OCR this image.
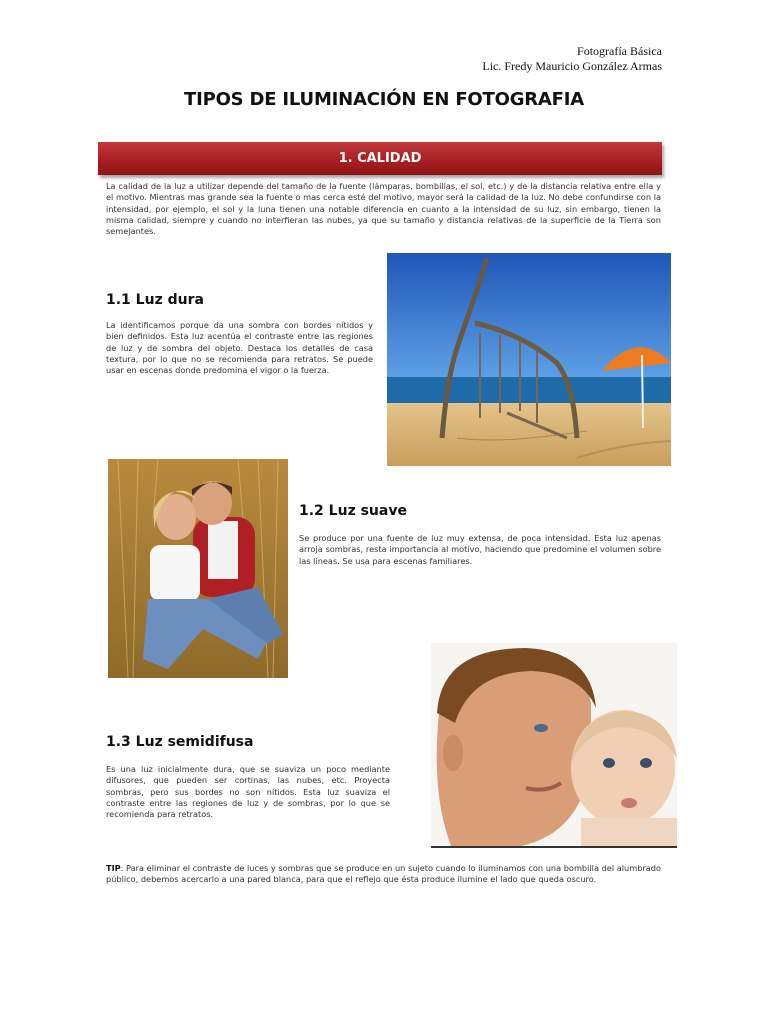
Fotografía Básica
Lic. Fredy Mauricio González Armas
TIPOS DE ILUMINACIÓN EN FOTOGRAFIA
1. CALIDAD
La calidad de la luz a utilizar depende del tamaño de la fuente (lámparas, bombillas, el sol, etc.) y de la distancia relativa entre ella y el motivo. Mientras mas grande sea la fuente o mas cerca esté del motivo, mayor será la calidad de la luz. No debe confundirse con la intensidad, por ejemplo, el sol y la luna tienen una notable diferencia en cuanto a la intensidad de su luz, sin embargo, tienen la misma calidad, siempre y cuando no interfieran las nubes, ya que su tamaño y distancia relativas de la superficie de la Tierra son semejantes.
1.1 Luz dura
La identificamos porque da una sombra con bordes nítidos y bien definidos. Esta luz acentúa el contraste entre las regiones de luz y de sombra del objeto. Destaca los detalles de casa textura, por lo que no se recomienda para retratos. Se puede usar en escenas donde predomina el vigor o la fuerza.
1.2 Luz suave
Se produce por una fuente de luz muy extensa, de poca intensidad. Esta luz apenas arroja sombras, resta importancia al motivo, haciendo que predomine el volumen sobre las líneas. Se usa para escenas familiares.
1.3 Luz semidifusa
Es una luz inicialmente dura, que se suaviza un poco mediante difusores, que pueden ser cortinas, las nubes, etc. Proyecta sombras, pero sus bordes no son nítidos. Esta luz suaviza el contraste entre las regiones de luz y de sombras, por lo que se recomienda para retratos.
TIP: Para eliminar el contraste de luces y sombras que se produce en un sujeto cuando lo iluminamos con una bombilla del alumbrado público, debemos acercarlo a una pared blanca, para que el reflejo que ésta produce ilumine el lado que queda oscuro.
